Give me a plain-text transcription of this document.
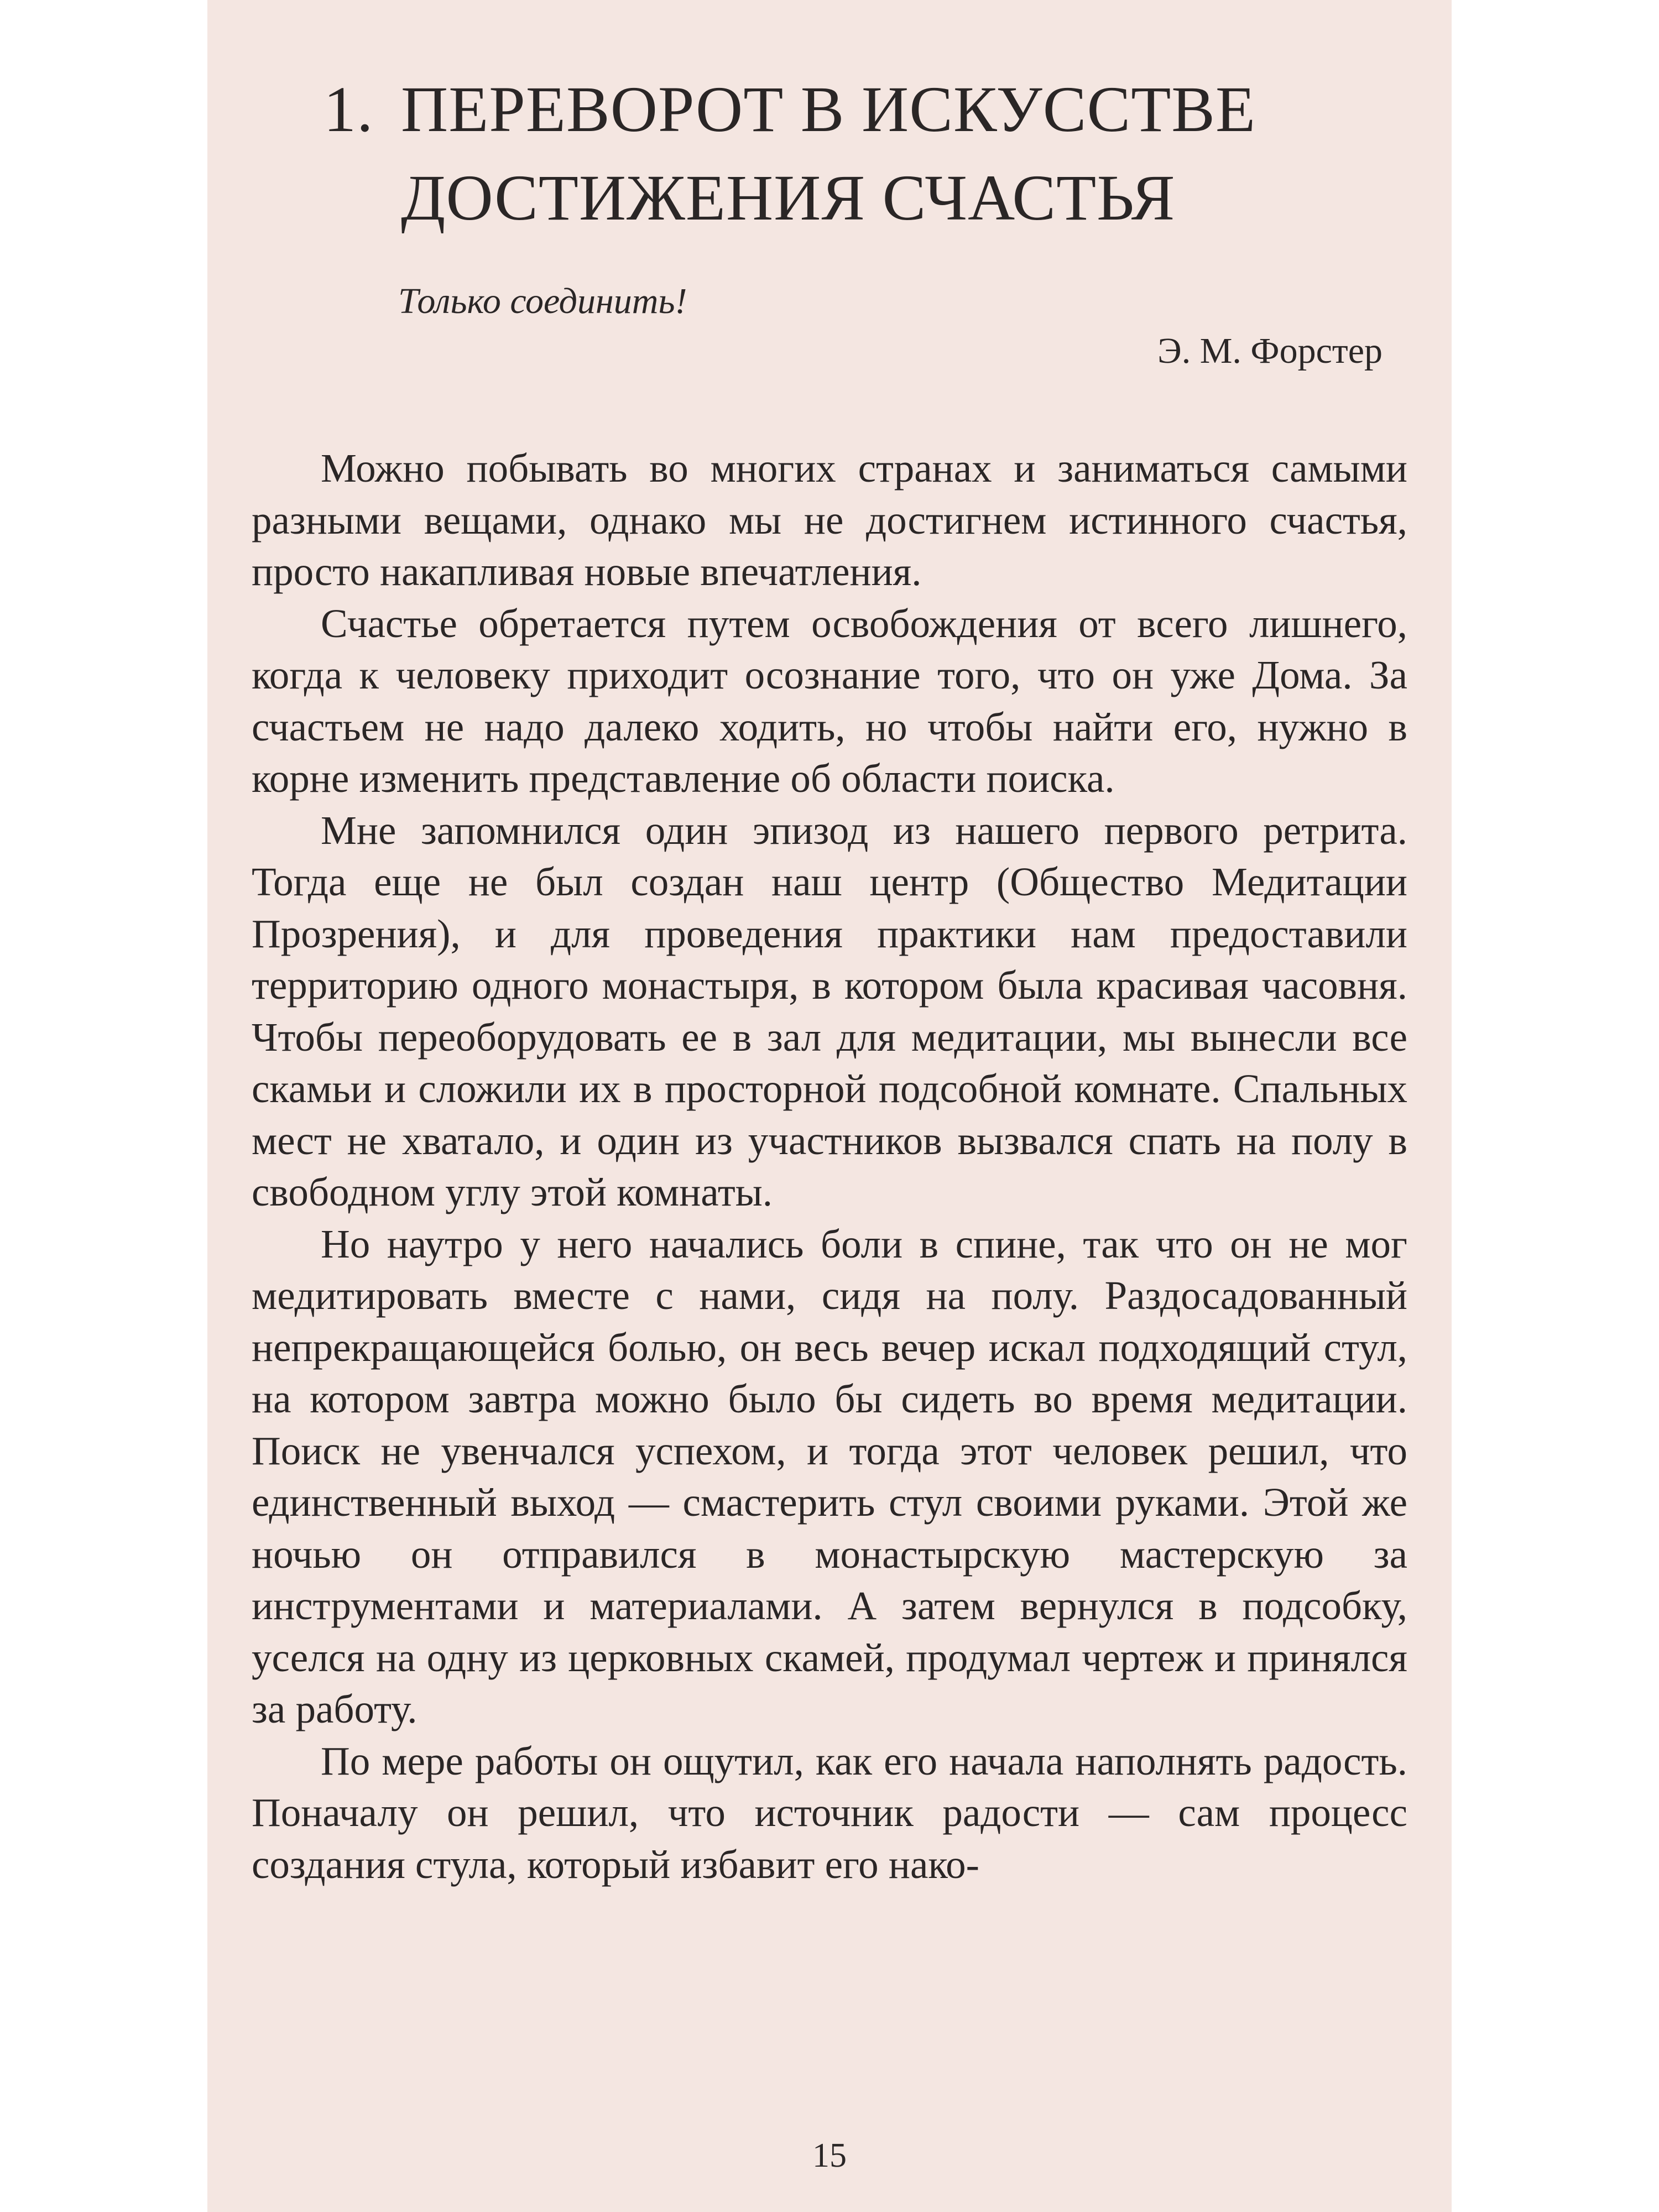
1. ПЕРЕВОРОТ В ИСКУССТВЕ
ДОСТИЖЕНИЯ СЧАСТЬЯ

Только соединить!

Э. М. Форстер

Можно побывать во многих странах и заниматься самыми разными вещами, однако мы не достигнем истинного счастья, просто накапливая новые впечатления.

Счастье обретается путем освобождения от всего лишнего, когда к человеку приходит осознание того, что он уже Дома. За счастьем не надо далеко ходить, но чтобы найти его, нужно в корне изменить представление об области поиска.

Мне запомнился один эпизод из нашего первого ретрита. Тогда еще не был создан наш центр (Общество Медитации Прозрения), и для проведения практики нам предоставили территорию одного монастыря, в котором была красивая часовня. Чтобы переоборудовать ее в зал для медитации, мы вынесли все скамьи и сложили их в просторной подсобной комнате. Спальных мест не хватало, и один из участников вызвался спать на полу в свободном углу этой комнаты.

Но наутро у него начались боли в спине, так что он не мог медитировать вместе с нами, сидя на полу. Раздосадованный непрекращающейся болью, он весь вечер искал подходящий стул, на котором завтра можно было бы сидеть во время медитации. Поиск не увенчался успехом, и тогда этот человек решил, что единственный выход — смастерить стул своими руками. Этой же ночью он отправился в монастырскую мастерскую за инструментами и материалами. А затем вернулся в подсобку, уселся на одну из церковных скамей, продумал чертеж и принялся за работу.

По мере работы он ощутил, как его начала наполнять радость. Поначалу он решил, что источник радости — сам процесс создания стула, который избавит его нако-

15
